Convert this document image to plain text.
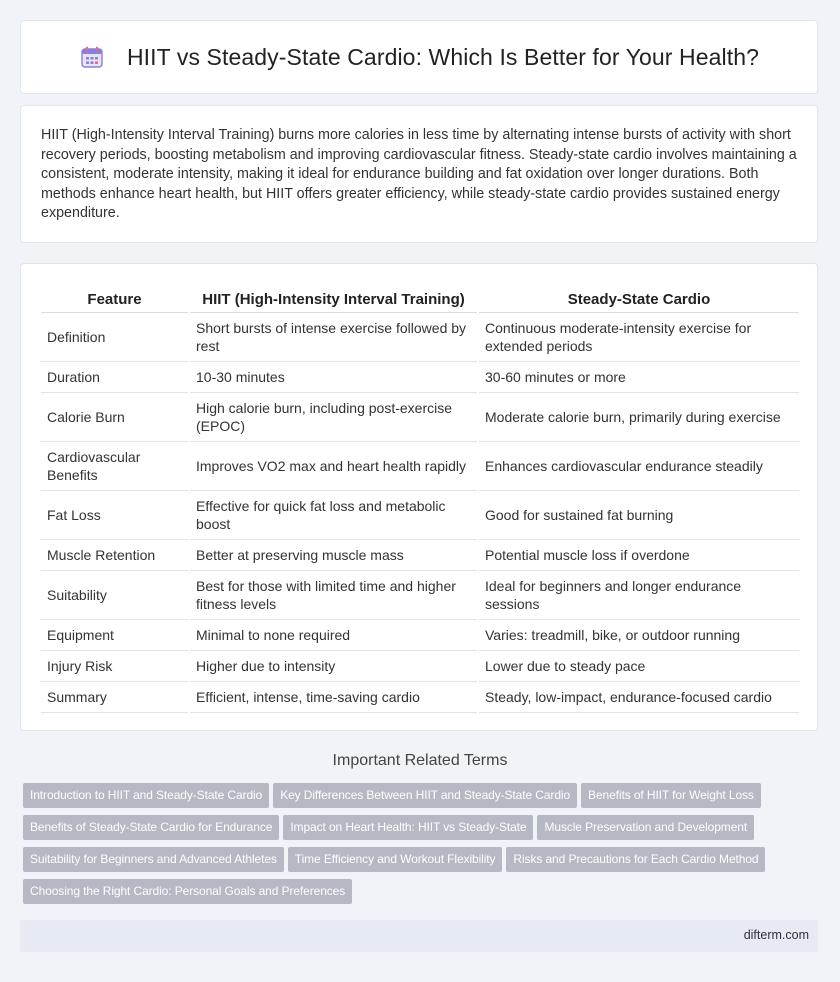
HIIT vs Steady-State Cardio: Which Is Better for Your Health?

HIIT (High-Intensity Interval Training) burns more calories in less time by alternating intense bursts of activity with short recovery periods, boosting metabolism and improving cardiovascular fitness. Steady-state cardio involves maintaining a consistent, moderate intensity, making it ideal for endurance building and fat oxidation over longer durations. Both methods enhance heart health, but HIIT offers greater efficiency, while steady-state cardio provides sustained energy expenditure.

Feature	HIIT (High-Intensity Interval Training)	Steady-State Cardio
Definition	Short bursts of intense exercise followed by rest	Continuous moderate-intensity exercise for extended periods
Duration	10-30 minutes	30-60 minutes or more
Calorie Burn	High calorie burn, including post-exercise (EPOC)	Moderate calorie burn, primarily during exercise
Cardiovascular Benefits	Improves VO2 max and heart health rapidly	Enhances cardiovascular endurance steadily
Fat Loss	Effective for quick fat loss and metabolic boost	Good for sustained fat burning
Muscle Retention	Better at preserving muscle mass	Potential muscle loss if overdone
Suitability	Best for those with limited time and higher fitness levels	Ideal for beginners and longer endurance sessions
Equipment	Minimal to none required	Varies: treadmill, bike, or outdoor running
Injury Risk	Higher due to intensity	Lower due to steady pace
Summary	Efficient, intense, time-saving cardio	Steady, low-impact, endurance-focused cardio
Important Related Terms
Introduction to HIIT and Steady-State Cardio Key Differences Between HIIT and Steady-State Cardio Benefits of HIIT for Weight LossBenefits of Steady-State Cardio for Endurance Impact on Heart Health: HIIT vs Steady-State Muscle Preservation and DevelopmentSuitability for Beginners and Advanced Athletes Time Efficiency and Workout Flexibility Risks and Precautions for Each Cardio MethodChoosing the Right Cardio: Personal Goals and Preferences
difterm.com
